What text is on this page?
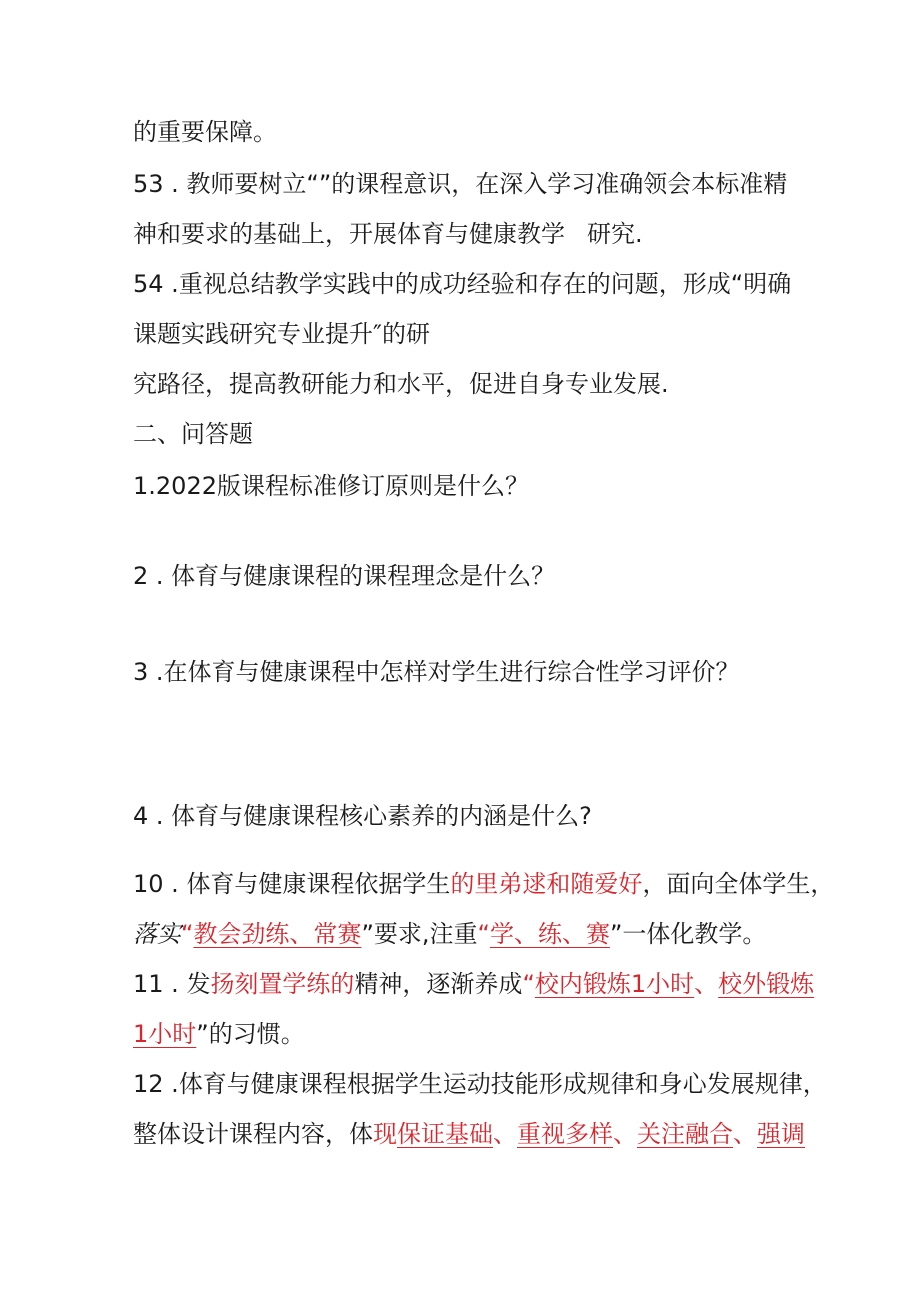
的重要保障。
53 . 教师要树立“”的课程意识，在深入学习准确领会本标准精
神和要求的基础上，开展体育与健康教学 研究.
54 .重视总结教学实践中的成功经验和存在的问题，形成“明确
课题实践研究专业提升″的研
究路径，提高教研能力和水平，促进自身专业发展.
二、问答题
1.2022版课程标准修订原则是什么？
2 . 体育与健康课程的课程理念是什么？
3 .在体育与健康课程中怎样对学生进行综合性学习评价？
4 . 体育与健康课程核心素养的内涵是什么?
10 . 体育与健康课程依据学生的里弟逑和随爱好，面向全体学生，
落实“教会劲练、常赛”要求,注重“学、练、赛”一体化教学。
11 . 发扬刻置学练的精神，逐渐养成“校内锻炼1小时、校外锻炼
1小时”的习惯。
12 .体育与健康课程根据学生运动技能形成规律和身心发展规律，
整体设计课程内容，体现保证基础、重视多样、关注融合、强调
